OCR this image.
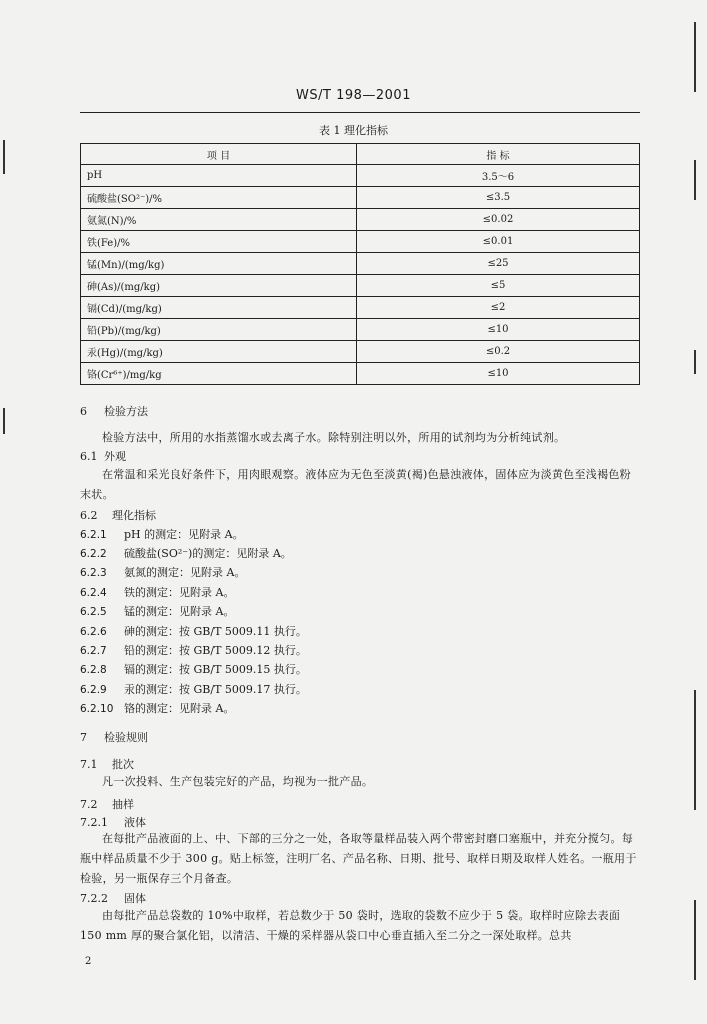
WS/T 198—2001
表 1 理化指标
项 目	指 标
pH	3.5～6
硫酸盐(SO²⁻)/%	≤3.5
氨氮(N)/%	≤0.02
铁(Fe)/%	≤0.01
锰(Mn)/(mg/kg)	≤25
砷(As)/(mg/kg)	≤5
镉(Cd)/(mg/kg)	≤2
铅(Pb)/(mg/kg)	≤10
汞(Hg)/(mg/kg)	≤0.2
铬(Cr⁶⁺)/mg/kg	≤10
6 检验方法
检验方法中，所用的水指蒸馏水或去离子水。除特别注明以外，所用的试剂均为分析纯试剂。
6.1 外观
在常温和采光良好条件下，用肉眼观察。液体应为无色至淡黄(褐)色悬浊液体，固体应为淡黄色至浅褐色粉末状。
6.2 理化指标
6.2.1 pH 的测定：见附录 A。
6.2.2 硫酸盐(SO²⁻)的测定：见附录 A。
6.2.3 氨氮的测定：见附录 A。
6.2.4 铁的测定：见附录 A。
6.2.5 锰的测定：见附录 A。
6.2.6 砷的测定：按 GB/T 5009.11 执行。
6.2.7 铅的测定：按 GB/T 5009.12 执行。
6.2.8 镉的测定：按 GB/T 5009.15 执行。
6.2.9 汞的测定：按 GB/T 5009.17 执行。
6.2.10 铬的测定：见附录 A。
7 检验规则
7.1 批次
凡一次投料、生产包装完好的产品，均视为一批产品。
7.2 抽样
7.2.1 液体
在每批产品液面的上、中、下部的三分之一处，各取等量样品装入两个带密封磨口塞瓶中，并充分搅匀。每瓶中样品质量不少于 300 g。贴上标签，注明厂名、产品名称、日期、批号、取样日期及取样人姓名。一瓶用于检验，另一瓶保存三个月备查。
7.2.2 固体
由每批产品总袋数的 10%中取样，若总数少于 50 袋时，选取的袋数不应少于 5 袋。取样时应除去表面 150 mm 厚的聚合氯化铝，以清洁、干燥的采样器从袋口中心垂直插入至二分之一深处取样。总共
2
